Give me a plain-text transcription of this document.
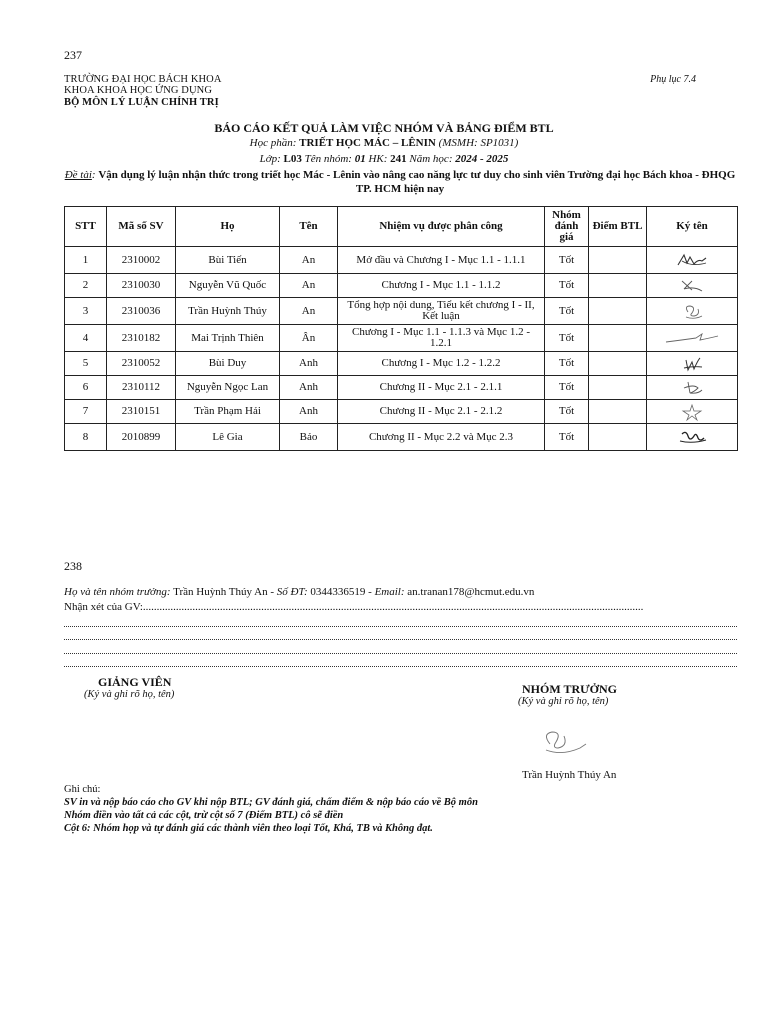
237
TRƯỜNG ĐẠI HỌC BÁCH KHOA
KHOA KHOA HỌC ỨNG DỤNG
BỘ MÔN LÝ LUẬN CHÍNH TRỊ
Phụ lục 7.4
BÁO CÁO KẾT QUẢ LÀM VIỆC NHÓM VÀ BẢNG ĐIỂM BTL
Học phần: TRIẾT HỌC MÁC – LÊNIN (MSMH: SP1031)
Lớp: L03 Tên nhóm: 01 HK: 241 Năm học: 2024 - 2025
Đề tài: Vận dụng lý luận nhận thức trong triết học Mác - Lênin vào nâng cao năng lực tư duy cho sinh viên Trường đại học Bách khoa - ĐHQG TP. HCM hiện nay
STT	Mã số SV	Họ	Tên	Nhiệm vụ được phân công	Nhóm đánh giá	Điểm BTL	Ký tên
1	2310002	Bùi Tiến	An	Mở đầu và Chương I - Mục 1.1 - 1.1.1	Tốt		

2	2310030	Nguyễn Vũ Quốc	An	Chương I - Mục 1.1 - 1.1.2	Tốt		

3	2310036	Trần Huỳnh Thúy	An	Tổng hợp nội dung, Tiểu kết chương I - II, Kết luận	Tốt		

4	2310182	Mai Trịnh Thiên	Ân	Chương I - Mục 1.1 - 1.1.3 và Mục 1.2 - 1.2.1	Tốt		

5	2310052	Bùi Duy	Anh	Chương I - Mục 1.2 - 1.2.2	Tốt		

6	2310112	Nguyễn Ngọc Lan	Anh	Chương II - Mục 2.1 - 2.1.1	Tốt		

7	2310151	Trần Phạm Hải	Anh	Chương II - Mục 2.1 - 2.1.2	Tốt		

8	2010899	Lê Gia	Bảo	Chương II - Mục 2.2 và Mục 2.3	Tốt		
238
Họ và tên nhóm trưởng: Trần Huỳnh Thúy An - Số ĐT: 0344336519 - Email: an.tranan178@hcmut.edu.vn
Nhận xét của GV:......................................................................................................................................................................................
GIẢNG VIÊN
(Ký và ghi rõ họ, tên)	NHÓM TRƯỞNG
(Ký và ghi rõ họ, tên)
Trần Huỳnh Thúy An
Ghi chú:
SV in và nộp báo cáo cho GV khi nộp BTL; GV đánh giá, chấm điểm & nộp báo cáo về Bộ môn
Nhóm điền vào tất cả các cột, trừ cột số 7 (Điểm BTL) cô sẽ điền
Cột 6: Nhóm họp và tự đánh giá các thành viên theo loại Tốt, Khá, TB và Không đạt.
